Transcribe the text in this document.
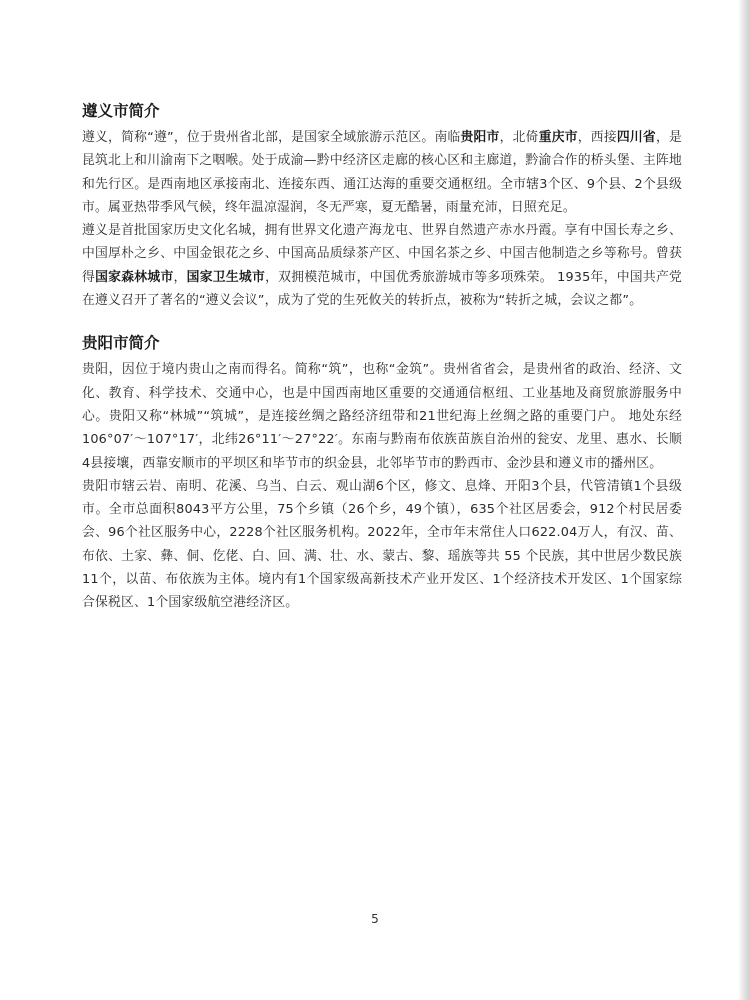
遵义市简介

遵义，简称“遵”，位于贵州省北部，是国家全域旅游示范区。南临贵阳市，北倚重庆市，西接四川省，是昆筑北上和川渝南下之咽喉。处于成渝—黔中经济区走廊的核心区和主廊道，黔渝合作的桥头堡、主阵地和先行区。是西南地区承接南北、连接东西、通江达海的重要交通枢纽。全市辖3个区、9个县、2个县级市。属亚热带季风气候，终年温凉湿润，冬无严寒，夏无酷暑，雨量充沛，日照充足。

遵义是首批国家历史文化名城，拥有世界文化遗产海龙屯、世界自然遗产赤水丹霞。享有中国长寿之乡、中国厚朴之乡、中国金银花之乡、中国高品质绿茶产区、中国名茶之乡、中国吉他制造之乡等称号。曾获得国家森林城市，国家卫生城市，双拥模范城市，中国优秀旅游城市等多项殊荣。 1935年，中国共产党在遵义召开了著名的“遵义会议”，成为了党的生死攸关的转折点，被称为“转折之城，会议之都”。

贵阳市简介

贵阳，因位于境内贵山之南而得名。简称“筑”，也称“金筑”。贵州省省会，是贵州省的政治、经济、文化、教育、科学技术、交通中心，也是中国西南地区重要的交通通信枢纽、工业基地及商贸旅游服务中心。贵阳又称“林城”“筑城”，是连接丝绸之路经济纽带和21世纪海上丝绸之路的重要门户。 地处东经106°07′～107°17′，北纬26°11′～27°22′。东南与黔南布依族苗族自治州的瓮安、龙里、惠水、长顺4县接壤，西靠安顺市的平坝区和毕节市的织金县，北邻毕节市的黔西市、金沙县和遵义市的播州区。

贵阳市辖云岩、南明、花溪、乌当、白云、观山湖6个区，修文、息烽、开阳3个县，代管清镇1个县级市。全市总面积8043平方公里，75个乡镇（26个乡，49个镇），635个社区居委会，912个村民居委会、96个社区服务中心，2228个社区服务机构。2022年，全市年末常住人口622.04万人，有汉、苗、布依、土家、彝、侗、仡佬、白、回、满、壮、水、蒙古、黎、瑶族等共 55 个民族，其中世居少数民族11个，以苗、布依族为主体。境内有1个国家级高新技术产业开发区、1个经济技术开发区、1个国家综合保税区、1个国家级航空港经济区。

5
